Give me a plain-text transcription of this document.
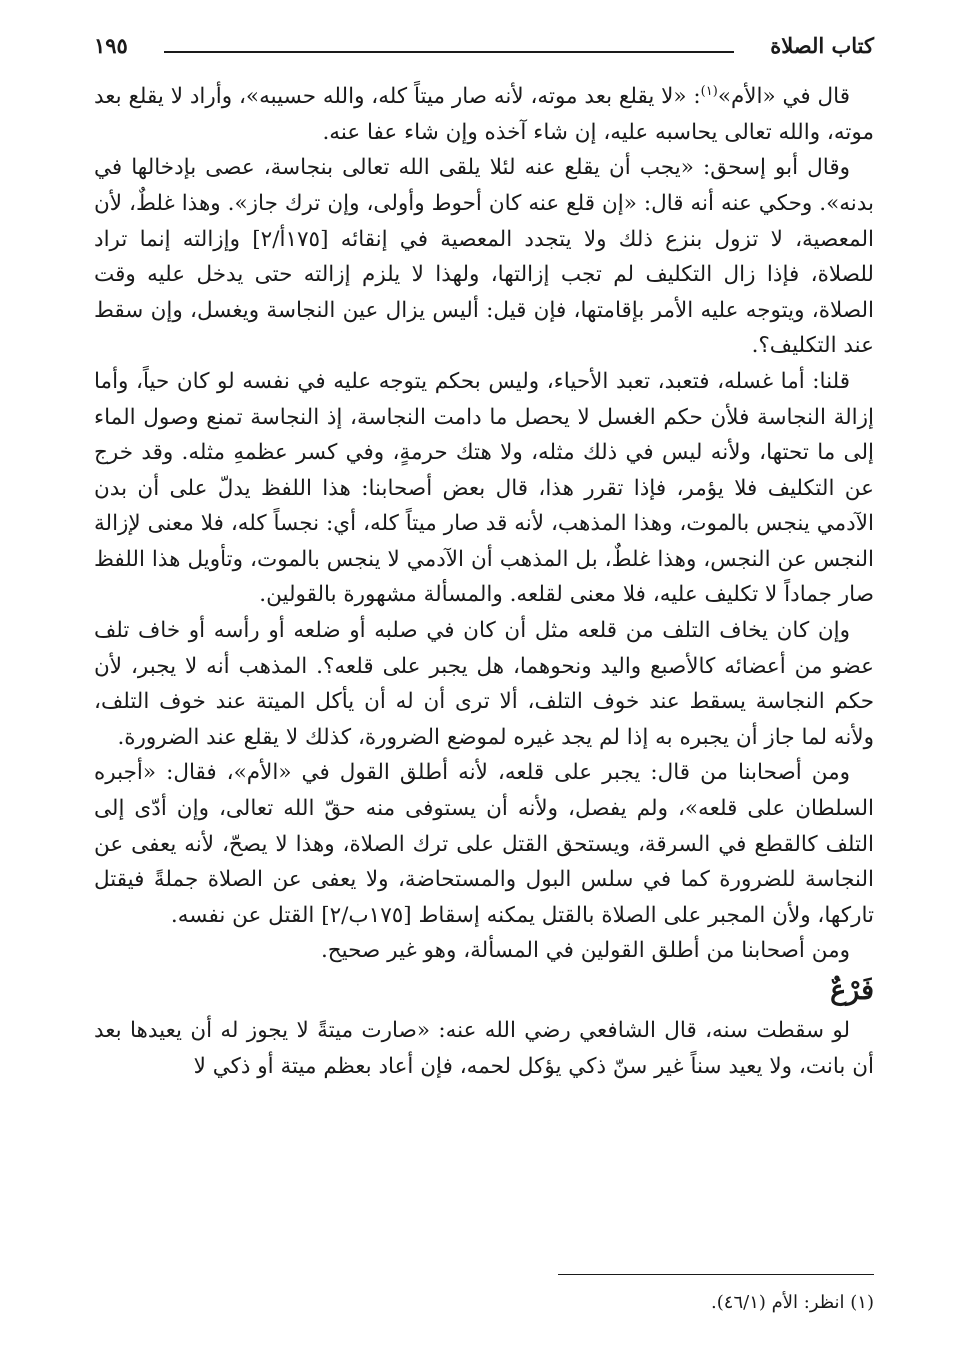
كتاب الصلاة
١٩٥

قال في «الأم»$^{(١)}$: «لا يقلع بعد موته، لأنه صار ميتاً كله، والله حسيبه»، وأراد لا يقلع بعد موته، والله تعالى يحاسبه عليه، إن شاء آخذه وإن شاء عفا عنه.

وقال أبو إسحق: «يجب أن يقلع عنه لئلا يلقى الله تعالى بنجاسة، عصى بإدخالها في بدنه». وحكي عنه أنه قال: «إن قلع عنه كان أحوط وأولى، وإن ترك جاز». وهذا غلطٌ، لأن المعصية، لا تزول بنزع ذلك ولا يتجدد المعصية في إنقائه [١٧٥أ/٢] وإزالته إنما تراد للصلاة، فإذا زال التكليف لم تجب إزالتها، ولهذا لا يلزم إزالته حتى يدخل عليه وقت الصلاة، ويتوجه عليه الأمر بإقامتها، فإن قيل: أليس يزال عين النجاسة ويغسل، وإن سقط عند التكليف؟.

قلنا: أما غسله، فتعبد، تعبد الأحياء، وليس بحكم يتوجه عليه في نفسه لو كان حياً، وأما إزالة النجاسة فلأن حكم الغسل لا يحصل ما دامت النجاسة، إذ النجاسة تمنع وصول الماء إلى ما تحتها، ولأنه ليس في ذلك مثله، ولا هتك حرمةٍ، وفي كسر عظمهِ مثله. وقد خرج عن التكليف فلا يؤمر، فإذا تقرر هذا، قال بعض أصحابنا: هذا اللفظ يدلّ على أن بدن الآدمي ينجس بالموت، وهذا المذهب، لأنه قد صار ميتاً كله، أي: نجساً كله، فلا معنى لإزالة النجس عن النجس، وهذا غلطٌ، بل المذهب أن الآدمي لا ينجس بالموت، وتأويل هذا اللفظ صار جماداً لا تكليف عليه، فلا معنى لقلعه. والمسألة مشهورة بالقولين.

وإن كان يخاف التلف من قلعه مثل أن كان في صلبه أو ضلعه أو رأسه أو خاف تلف عضو من أعضائه كالأصبع واليد ونحوهما، هل يجبر على قلعه؟. المذهب أنه لا يجبر، لأن حكم النجاسة يسقط عند خوف التلف، ألا ترى أن له أن يأكل الميتة عند خوف التلف، ولأنه لما جاز أن يجبره به إذا لم يجد غيره لموضع الضرورة، كذلك لا يقلع عند الضرورة.

ومن أصحابنا من قال: يجبر على قلعه، لأنه أطلق القول في «الأم»، فقال: «أجبره السلطان على قلعه»، ولم يفصل، ولأنه أن يستوفى منه حقّ الله تعالى، وإن أدّى إلى التلف كالقطع في السرقة، ويستحق القتل على ترك الصلاة، وهذا لا يصحّ، لأنه يعفى عن النجاسة للضرورة كما في سلس البول والمستحاضة، ولا يعفى عن الصلاة جملةً فيقتل تاركها، ولأن المجبر على الصلاة بالقتل يمكنه إسقاط [١٧٥ب/٢] القتل عن نفسه.

ومن أصحابنا من أطلق القولين في المسألة، وهو غير صحيح.

فَرْعٌ

لو سقطت سنه، قال الشافعي رضي الله عنه: «صارت ميتةً لا يجوز له أن يعيدها بعد أن بانت، ولا يعيد سناً غير سنّ ذكي يؤكل لحمه، فإن أعاد بعظم ميتة أو ذكي لا

(١) انظر: الأم (٤٦/١).
